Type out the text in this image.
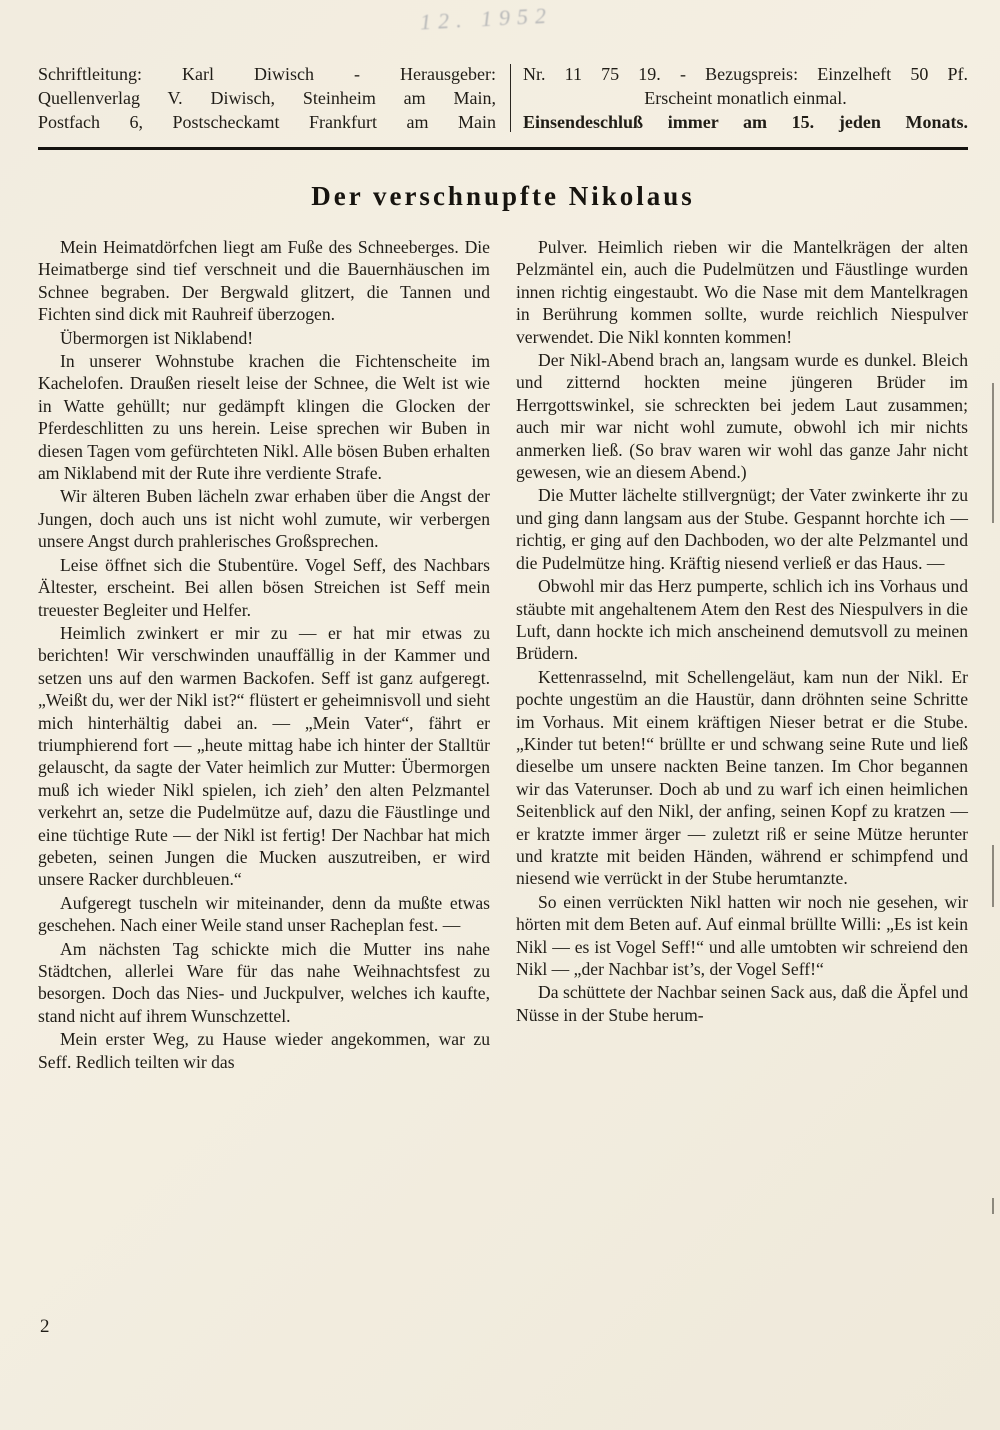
12. 1952
Schriftleitung: Karl Diwisch - Herausgeber:
Quellenverlag V. Diwisch, Steinheim am Main,
Postfach 6, Postscheckamt Frankfurt am Main
Nr. 11 75 19. - Bezugspreis: Einzelheft 50 Pf.
Erscheint monatlich einmal.
Einsendeschluß immer am 15. jeden Monats.
Der verschnupfte Nikolaus

Mein Heimatdörfchen liegt am Fuße des Schneeberges. Die Heimatberge sind tief verschneit und die Bauernhäuschen im Schnee begraben. Der Bergwald glitzert, die Tannen und Fichten sind dick mit Rauhreif überzogen.

Übermorgen ist Niklabend!

In unserer Wohnstube krachen die Fichtenscheite im Kachelofen. Draußen rieselt leise der Schnee, die Welt ist wie in Watte gehüllt; nur gedämpft klingen die Glocken der Pferdeschlitten zu uns herein. Leise sprechen wir Buben in diesen Tagen vom gefürchteten Nikl. Alle bösen Buben erhalten am Niklabend mit der Rute ihre verdiente Strafe.

Wir älteren Buben lächeln zwar erhaben über die Angst der Jungen, doch auch uns ist nicht wohl zumute, wir verbergen unsere Angst durch prahlerisches Großsprechen.

Leise öffnet sich die Stubentüre. Vogel Seff, des Nachbars Ältester, erscheint. Bei allen bösen Streichen ist Seff mein treuester Begleiter und Helfer.

Heimlich zwinkert er mir zu — er hat mir etwas zu berichten! Wir verschwinden unauffällig in der Kammer und setzen uns auf den warmen Backofen. Seff ist ganz aufgeregt. „Weißt du, wer der Nikl ist?“ flüstert er geheimnisvoll und sieht mich hinterhältig dabei an. — „Mein Vater“, fährt er triumphierend fort — „heute mittag habe ich hinter der Stalltür gelauscht, da sagte der Vater heimlich zur Mutter: Übermorgen muß ich wieder Nikl spielen, ich zieh’ den alten Pelzmantel verkehrt an, setze die Pudelmütze auf, dazu die Fäustlinge und eine tüchtige Rute — der Nikl ist fertig! Der Nachbar hat mich gebeten, seinen Jungen die Mucken auszutreiben, er wird unsere Racker durchbleuen.“

Aufgeregt tuscheln wir miteinander, denn da mußte etwas geschehen. Nach einer Weile stand unser Racheplan fest. —

Am nächsten Tag schickte mich die Mutter ins nahe Städtchen, allerlei Ware für das nahe Weihnachtsfest zu besorgen. Doch das Nies- und Juckpulver, welches ich kaufte, stand nicht auf ihrem Wunschzettel.

Mein erster Weg, zu Hause wieder angekommen, war zu Seff. Redlich teilten wir das

Pulver. Heimlich rieben wir die Mantelkrägen der alten Pelzmäntel ein, auch die Pudelmützen und Fäustlinge wurden innen richtig eingestaubt. Wo die Nase mit dem Mantelkragen in Berührung kommen sollte, wurde reichlich Niespulver verwendet. Die Nikl konnten kommen!

Der Nikl-Abend brach an, langsam wurde es dunkel. Bleich und zitternd hockten meine jüngeren Brüder im Herrgottswinkel, sie schreckten bei jedem Laut zusammen; auch mir war nicht wohl zumute, obwohl ich mir nichts anmerken ließ. (So brav waren wir wohl das ganze Jahr nicht gewesen, wie an diesem Abend.)

Die Mutter lächelte stillvergnügt; der Vater zwinkerte ihr zu und ging dann langsam aus der Stube. Gespannt horchte ich — richtig, er ging auf den Dachboden, wo der alte Pelzmantel und die Pudelmütze hing. Kräftig niesend verließ er das Haus. —

Obwohl mir das Herz pumperte, schlich ich ins Vorhaus und stäubte mit angehaltenem Atem den Rest des Niespulvers in die Luft, dann hockte ich mich anscheinend demutsvoll zu meinen Brüdern.

Kettenrasselnd, mit Schellengeläut, kam nun der Nikl. Er pochte ungestüm an die Haustür, dann dröhnten seine Schritte im Vorhaus. Mit einem kräftigen Nieser betrat er die Stube. „Kinder tut beten!“ brüllte er und schwang seine Rute und ließ dieselbe um unsere nackten Beine tanzen. Im Chor begannen wir das Vaterunser. Doch ab und zu warf ich einen heimlichen Seitenblick auf den Nikl, der anfing, seinen Kopf zu kratzen — er kratzte immer ärger — zuletzt riß er seine Mütze herunter und kratzte mit beiden Händen, während er schimpfend und niesend wie verrückt in der Stube herumtanzte.

So einen verrückten Nikl hatten wir noch nie gesehen, wir hörten mit dem Beten auf. Auf einmal brüllte Willi: „Es ist kein Nikl — es ist Vogel Seff!“ und alle umtobten wir schreiend den Nikl — „der Nachbar ist’s, der Vogel Seff!“

Da schüttete der Nachbar seinen Sack aus, daß die Äpfel und Nüsse in der Stube herum-

2
